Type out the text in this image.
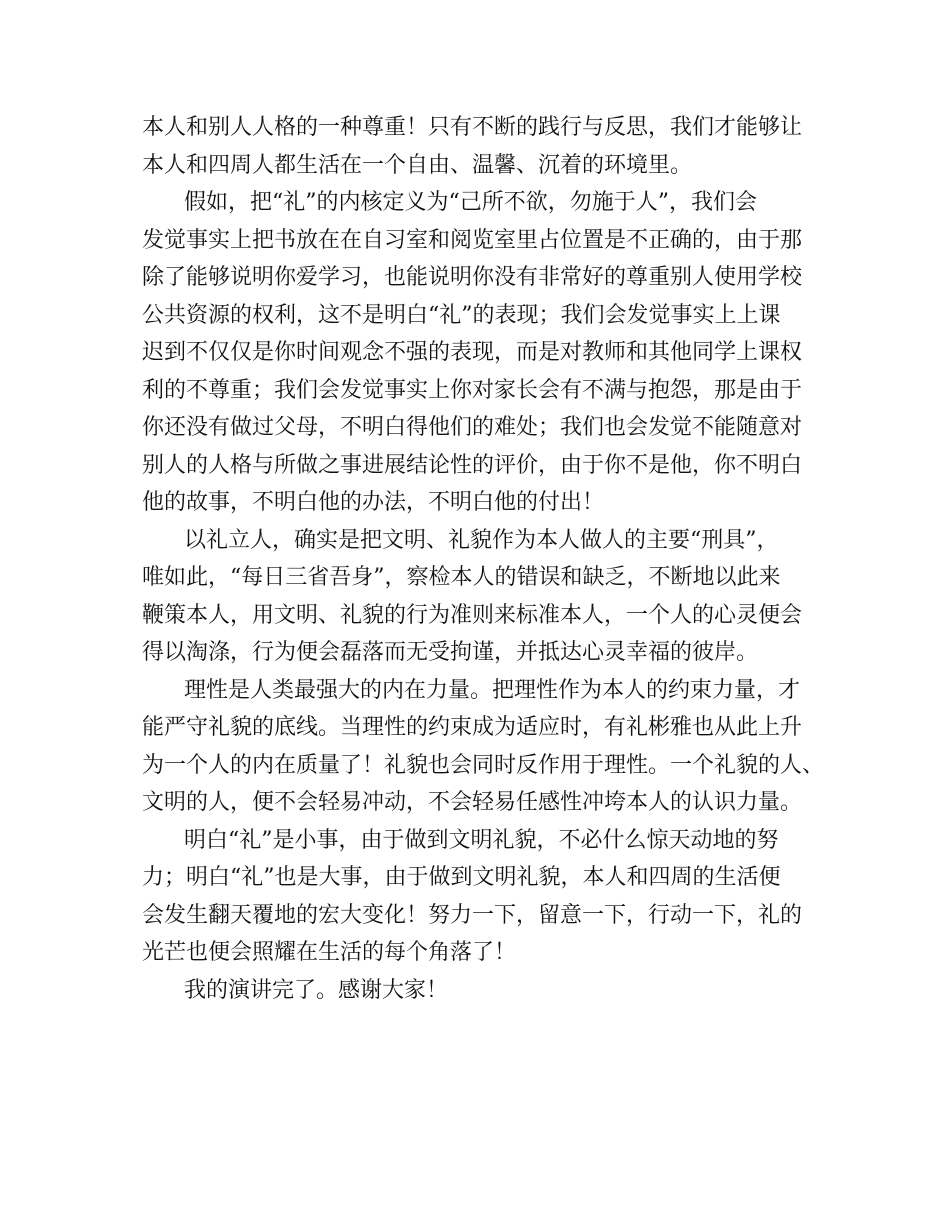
本人和别人人格的一种尊重！只有不断的践行与反思，我们才能够让
本人和四周人都生活在一个自由、温馨、沉着的环境里。
假如，把“礼”的内核定义为“己所不欲，勿施于人”，我们会
发觉事实上把书放在在自习室和阅览室里占位置是不正确的，由于那
除了能够说明你爱学习，也能说明你没有非常好的尊重别人使用学校
公共资源的权利，这不是明白“礼”的表现；我们会发觉事实上上课
迟到不仅仅是你时间观念不强的表现，而是对教师和其他同学上课权
利的不尊重；我们会发觉事实上你对家长会有不满与抱怨，那是由于
你还没有做过父母，不明白得他们的难处；我们也会发觉不能随意对
别人的人格与所做之事进展结论性的评价，由于你不是他，你不明白
他的故事，不明白他的办法，不明白他的付出！
以礼立人，确实是把文明、礼貌作为本人做人的主要“刑具”，
唯如此，“每日三省吾身”，察检本人的错误和缺乏，不断地以此来
鞭策本人，用文明、礼貌的行为准则来标准本人，一个人的心灵便会
得以淘涤，行为便会磊落而无受拘谨，并抵达心灵幸福的彼岸。
理性是人类最强大的内在力量。把理性作为本人的约束力量，才
能严守礼貌的底线。当理性的约束成为适应时，有礼彬雅也从此上升
为一个人的内在质量了！礼貌也会同时反作用于理性。一个礼貌的人、
文明的人，便不会轻易冲动，不会轻易任感性冲垮本人的认识力量。
明白“礼”是小事，由于做到文明礼貌，不必什么惊天动地的努
力；明白“礼”也是大事，由于做到文明礼貌，本人和四周的生活便
会发生翻天覆地的宏大变化！努力一下，留意一下，行动一下，礼的
光芒也便会照耀在生活的每个角落了！
我的演讲完了。感谢大家！
